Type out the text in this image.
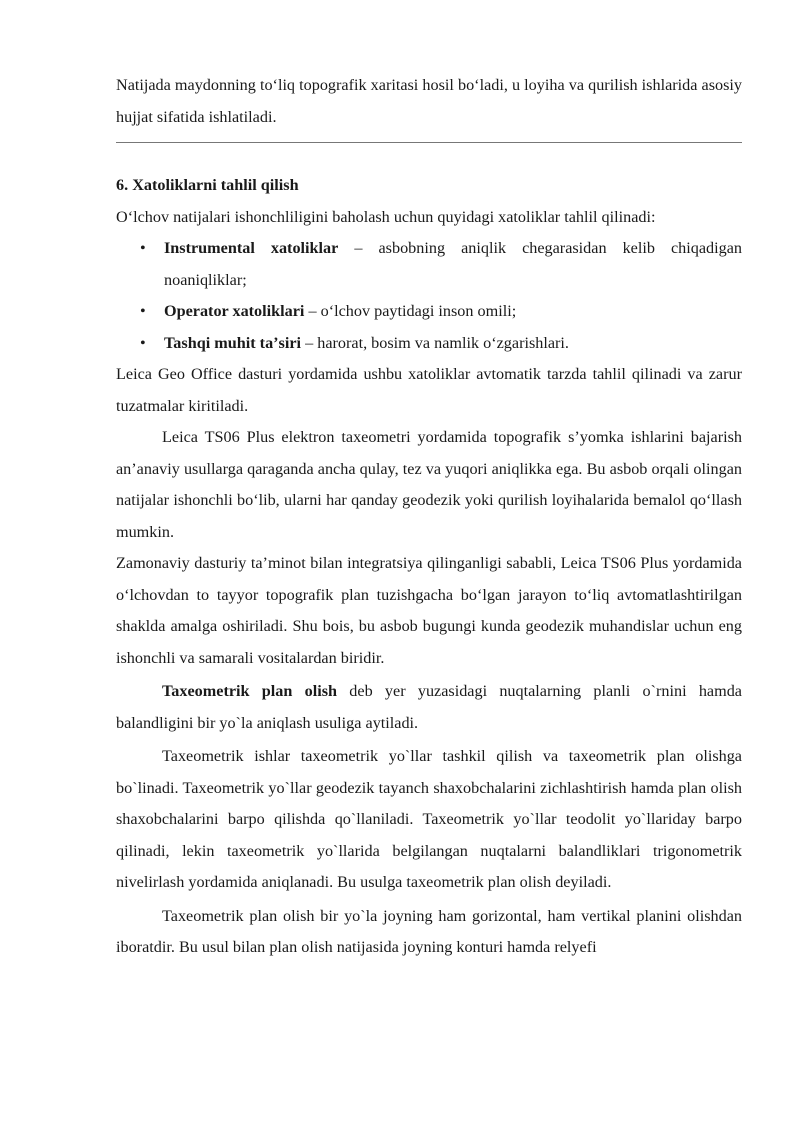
Natijada maydonning toʻliq topografik xaritasi hosil boʻladi, u loyiha va qurilish ishlarida asosiy hujjat sifatida ishlatiladi.

6. Xatoliklarni tahlil qilish

Oʻlchov natijalari ishonchliligini baholash uchun quyidagi xatoliklar tahlil qilinadi:

• Instrumental xatoliklar – asbobning aniqlik chegarasidan kelib chiqadigan noaniqliklar;
• Operator xatoliklari – oʻlchov paytidagi inson omili;
• Tashqi muhit taʼsiri – harorat, bosim va namlik oʻzgarishlari.

Leica Geo Office dasturi yordamida ushbu xatoliklar avtomatik tarzda tahlil qilinadi va zarur tuzatmalar kiritiladi.

Leica TS06 Plus elektron taxeometri yordamida topografik sʼyomka ishlarini bajarish anʼanaviy usullarga qaraganda ancha qulay, tez va yuqori aniqlikka ega. Bu asbob orqali olingan natijalar ishonchli boʻlib, ularni har qanday geodezik yoki qurilish loyihalarida bemalol qoʻllash mumkin.

Zamonaviy dasturiy taʼminot bilan integratsiya qilinganligi sababli, Leica TS06 Plus yordamida oʻlchovdan to tayyor topografik plan tuzishgacha boʻlgan jarayon toʻliq avtomatlashtirilgan shaklda amalga oshiriladi. Shu bois, bu asbob bugungi kunda geodezik muhandislar uchun eng ishonchli va samarali vositalardan biridir.

Taxeometrik plan olish deb yer yuzasidagi nuqtalarning planli o`rnini hamda balandligini bir yo`la aniqlash usuliga aytiladi.

Taxeometrik ishlar taxeometrik yo`llar tashkil qilish va taxeometrik plan olishga bo`linadi. Taxeometrik yo`llar geodezik tayanch shaxobchalarini zichlashtirish hamda plan olish shaxobchalarini barpo qilishda qo`llaniladi. Taxeometrik yo`llar teodolit yo`llariday barpo qilinadi, lekin taxeometrik yo`llarida belgilangan nuqtalarni balandliklari trigonometrik nivelirlash yordamida aniqlanadi. Bu usulga taxeometrik plan olish deyiladi.

Taxeometrik plan olish bir yo`la joyning ham gorizontal, ham vertikal planini olishdan iboratdir. Bu usul bilan plan olish natijasida joyning konturi hamda relyefi
